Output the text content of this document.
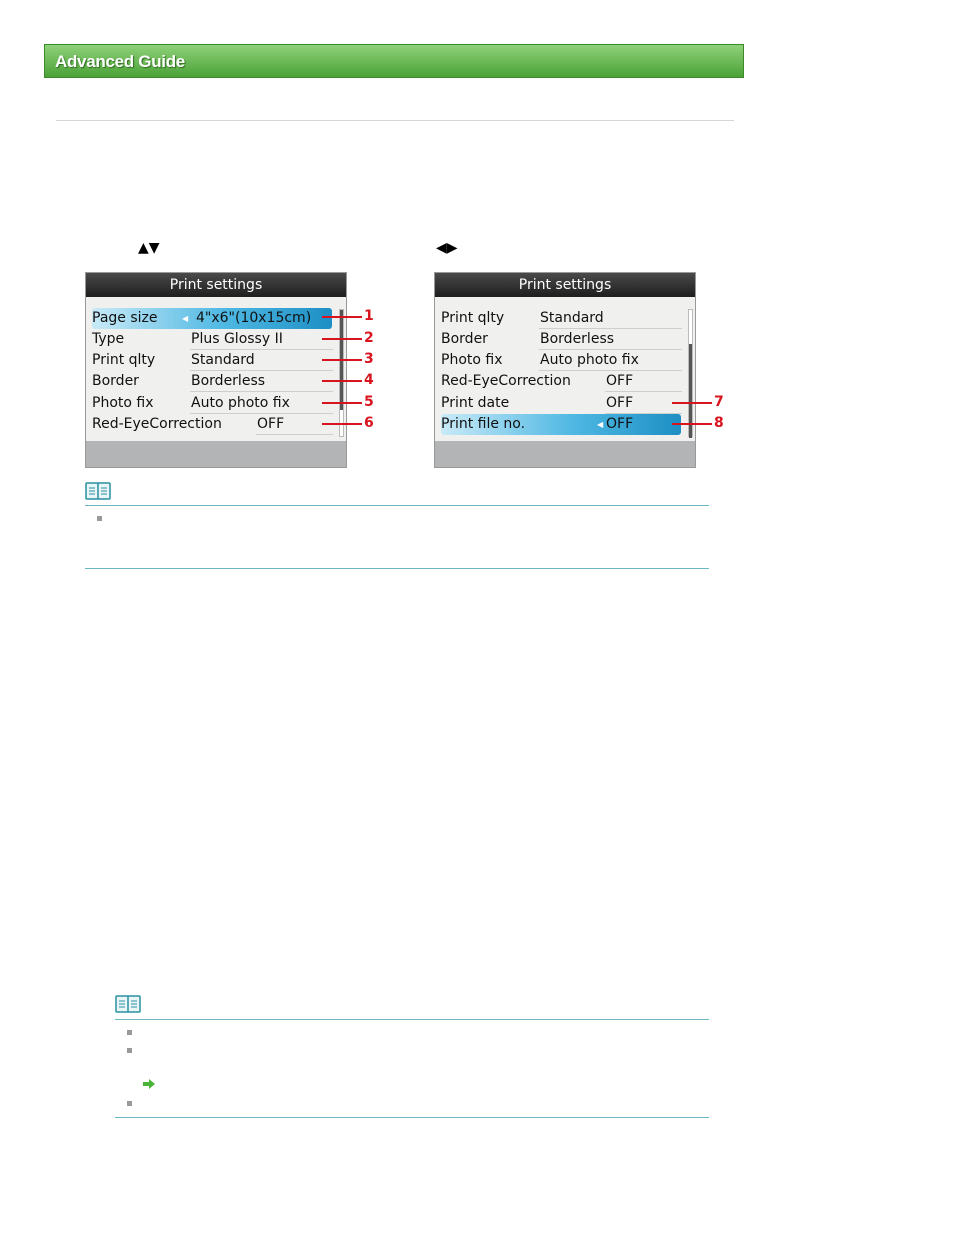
Advanced Guide
▲▼	◀▶
Print settings
Page size	◀ 4"x6"(10x15cm)
Type	Plus Glossy II
Print qlty	Standard
Border	Borderless
Photo fix	Auto photo fix
Red-EyeCorrection	OFF
1
2
3
4
5
6
Print settings
Print qlty	Standard
Border	Borderless
Photo fix	Auto photo fix
Red-EyeCorrection	OFF
Print date	OFF
Print file no.	◀ OFF
7
8
